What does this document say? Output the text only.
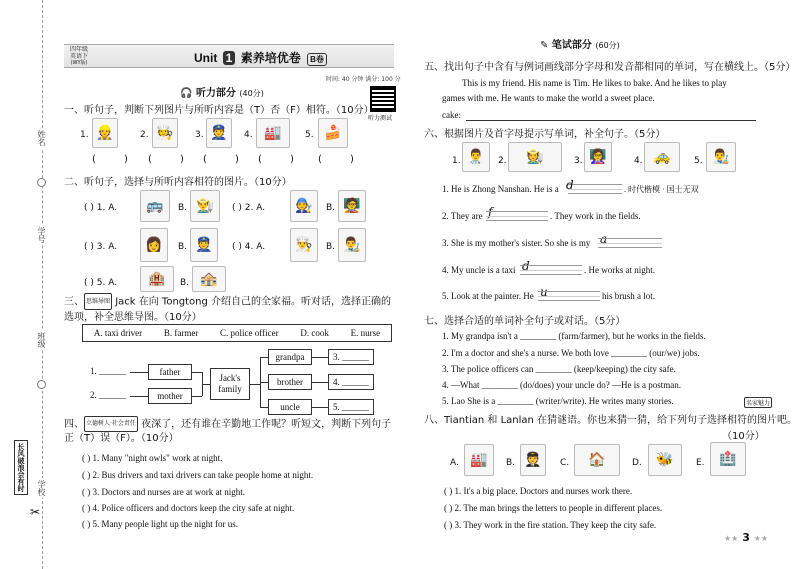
姓名
学号
班级
学校
长风破浪会有时
✂
四年级
英语下
(WY版)	Unit 1 素养培优卷 B卷
时间: 40 分钟 满分: 100 分
听力测试
🎧 听力部分 (40分)
一、听句子，判断下列图片与所听内容是（T）否（F）相符。（10分）
1. 👷	2. 🧑‍🍳	3. 👮	4. 🏭	5. 🍰
(	) (	) (	) (	) (	)
二、听句子，选择与所听内容相符的图片。（10分）
( ) 1. A.	🚌	B. 👨‍🌾	( ) 2. A.	🧑‍🔧	B. 🧑‍🏫
( ) 3. A.	👩	B. 👮	( ) 4. A.	👨‍🍳	B. 👨‍🎨
( ) 5. A.	🏨	B. 🏤
三、 思维导图 Jack 在向 Tongtong 介绍自己的全家福。听对话，选择正确的选项，补全思维导图。（10分）
A. taxi driver B. farmer C. police officer D. cook E. nurse
1. ______
2. ______
father
mother
Jack's family
grandpa
brother
uncle
3. ______
4. ______
5. ______
四、 立德树人·社会责任 夜深了，还有谁在辛勤地工作呢？听短文，判断下列句子正（T）误（F）。（10分）
( ) 1. Many "night owls" work at night.
( ) 2. Bus drivers and taxi drivers can take people home at night.
( ) 3. Doctors and nurses are at work at night.
( ) 4. Police officers and doctors keep the city safe at night.
( ) 5. Many people light up the night for us.
✎ 笔试部分 (60分)
五、找出句子中含有与例词画线部分字母和发音都相同的单词，写在横线上。（5分）
This is my friend. His name is Tim. He likes to bake. And he likes to play
games with me. He wants to make the world a sweet place.
cake:
六、根据图片及首字母提示写单词，补全句子。（5分）
1. 👨‍⚕️	2.	🧑‍🌾	3. 👩‍🏫	4. 🚕	5. 👨‍🎨
1. He is Zhong Nanshan. He is a d	. 时代楷模 · 国士无双
2. They are f	. They work in the fields.
3. She is my mother's sister. So she is my a
4. My uncle is a taxi d	. He works at night.
5. Look at the painter. He u	his brush a lot.
七、选择合适的单词补全句子或对话。（5分）
1. My grandpa isn't a ________ (farm/farmer), but he works in the fields.
2. I'm a doctor and she's a nurse. We both love ________ (our/we) jobs.
3. The police officers can ________ (keep/keeping) the city safe.
4. —What ________ (do/does) your uncle do? —He is a postman.
5. Lao She is a ________ (writer/write). He writes many stories.	名家魅力
八、Tiantian 和 Lanlan 在猜谜语。你也来猜一猜，给下列句子选择相符的图片吧。
（10分）
A. 🏭	B. 🧑‍✈️	C.	🏠	D.	🐝	E.	🏥
( ) 1. It's a big place. Doctors and nurses work there.
( ) 2. The man brings the letters to people in different places.
( ) 3. They work in the fire station. They keep the city safe.
★★ 3 ★★
